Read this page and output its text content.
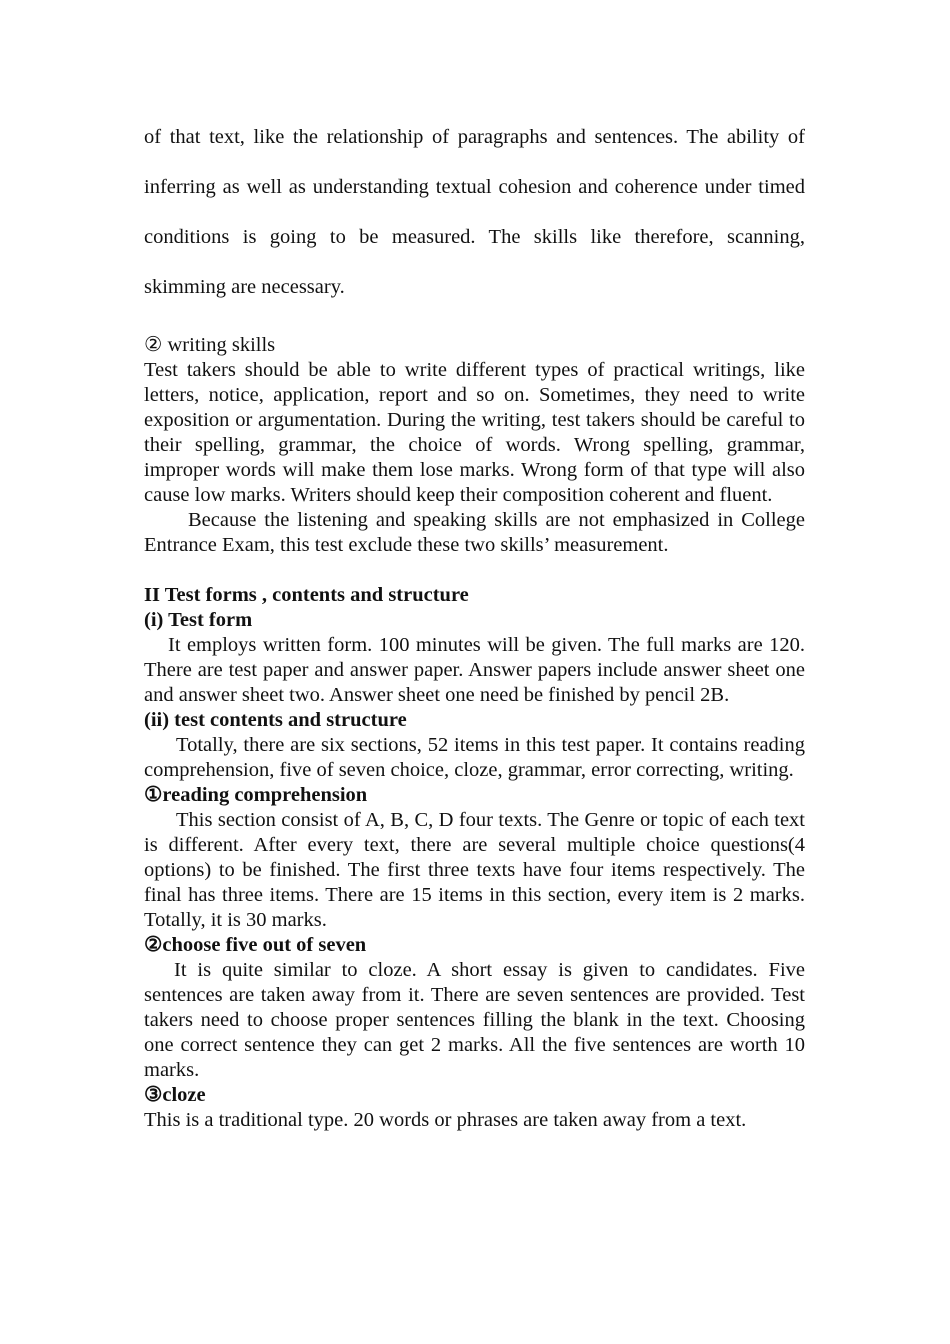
of that text, like the relationship of paragraphs and sentences. The ability of inferring as well as understanding textual cohesion and coherence under timed conditions is going to be measured. The skills like therefore, scanning, skimming are necessary.

② writing skills

Test takers should be able to write different types of practical writings, like letters, notice, application, report and so on. Sometimes, they need to write exposition or argumentation. During the writing, test takers should be careful to their spelling, grammar, the choice of words. Wrong spelling, grammar, improper words will make them lose marks. Wrong form of that type will also cause low marks. Writers should keep their composition coherent and fluent.

Because the listening and speaking skills are not emphasized in College Entrance Exam, this test exclude these two skills’ measurement.

II Test forms , contents and structure

(i) Test form

It employs written form. 100 minutes will be given. The full marks are 120. There are test paper and answer paper. Answer papers include answer sheet one and answer sheet two. Answer sheet one need be finished by pencil 2B.

(ii) test contents and structure

Totally, there are six sections, 52 items in this test paper. It contains reading comprehension, five of seven choice, cloze, grammar, error correcting, writing.

①reading comprehension

This section consist of A, B, C, D four texts. The Genre or topic of each text is different. After every text, there are several multiple choice questions(4 options) to be finished. The first three texts have four items respectively. The final has three items. There are 15 items in this section, every item is 2 marks. Totally, it is 30 marks.

②choose five out of seven

It is quite similar to cloze. A short essay is given to candidates. Five sentences are taken away from it. There are seven sentences are provided. Test takers need to choose proper sentences filling the blank in the text. Choosing one correct sentence they can get 2 marks. All the five sentences are worth 10 marks.

③cloze

This is a traditional type. 20 words or phrases are taken away from a text.
